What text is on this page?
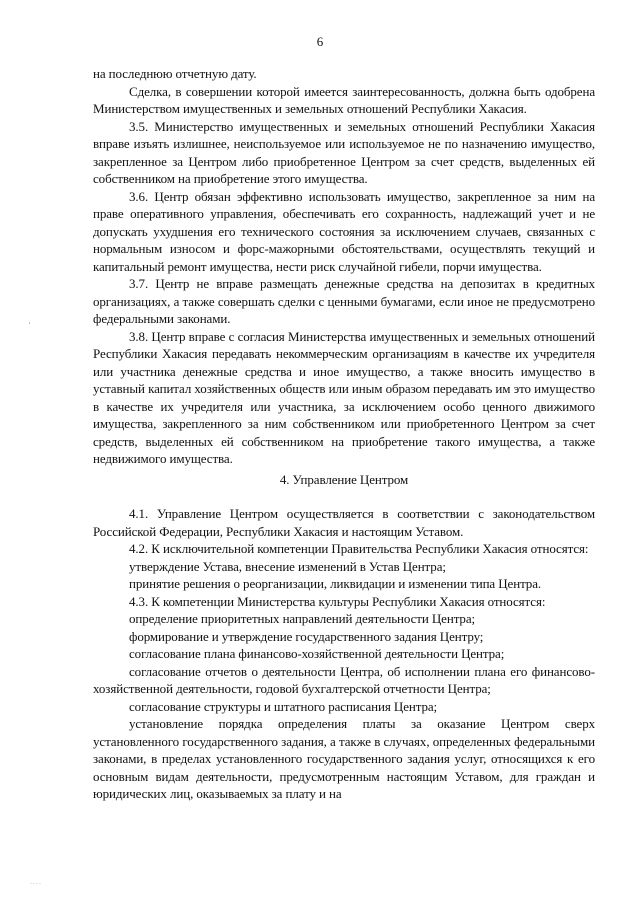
6
·

на последнюю отчетную дату.

Сделка, в совершении которой имеется заинтересованность, должна быть одобрена Министерством имущественных и земельных отношений Республики Хакасия.

3.5. Министерство имущественных и земельных отношений Республики Хакасия вправе изъять излишнее, неиспользуемое или используемое не по назначению имущество, закрепленное за Центром либо приобретенное Центром за счет средств, выделенных ей собственником на приобретение этого имущества.

3.6. Центр обязан эффективно использовать имущество, закрепленное за ним на праве оперативного управления, обеспечивать его сохранность, надлежащий учет и не допускать ухудшения его технического состояния за исключением случаев, связанных с нормальным износом и форс-мажорными обстоятельствами, осуществлять текущий и капитальный ремонт имущества, нести риск случайной гибели, порчи имущества.

3.7. Центр не вправе размещать денежные средства на депозитах в кредитных организациях, а также совершать сделки с ценными бумагами, если иное не предусмотрено федеральными законами.

3.8. Центр вправе с согласия Министерства имущественных и земельных отношений Республики Хакасия передавать некоммерческим организациям в качестве их учредителя или участника денежные средства и иное имущество, а также вносить имущество в уставный капитал хозяйственных обществ или иным образом передавать им это имущество в качестве их учредителя или участника, за исключением особо ценного движимого имущества, закрепленного за ним собственником или приобретенного Центром за счет средств, выделенных ей собственником на приобретение такого имущества, а также недвижимого имущества.

4. Управление Центром

4.1. Управление Центром осуществляется в соответствии с законодательством Российской Федерации, Республики Хакасия и настоящим Уставом.

4.2. К исключительной компетенции Правительства Республики Хакасия относятся:

утверждение Устава, внесение изменений в Устав Центра;

принятие решения о реорганизации, ликвидации и изменении типа Центра.

4.3. К компетенции Министерства культуры Республики Хакасия относятся:

определение приоритетных направлений деятельности Центра;

формирование и утверждение государственного задания Центру;

согласование плана финансово-хозяйственной деятельности Центра;

согласование отчетов о деятельности Центра, об исполнении плана его финансово-хозяйственной деятельности, годовой бухгалтерской отчетности Центра;

согласование структуры и штатного расписания Центра;

установление порядка определения платы за оказание Центром сверх установленного государственного задания, а также в случаях, определенных федеральными законами, в пределах установленного государственного задания услуг, относящихся к его основным видам деятельности, предусмотренным настоящим Уставом, для граждан и юридических лиц, оказываемых за плату и на

....
